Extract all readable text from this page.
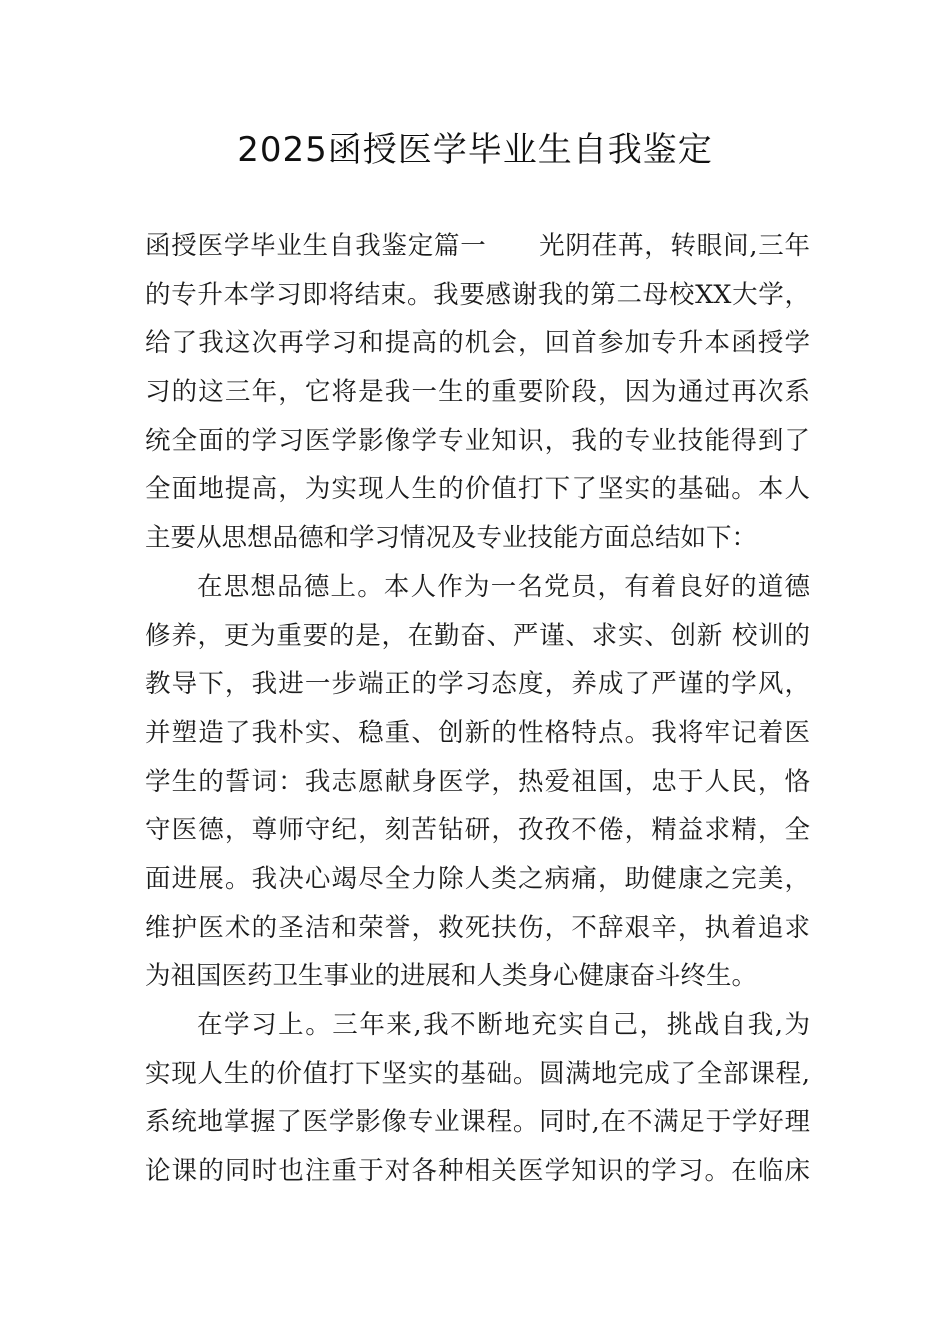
2025函授医学毕业生自我鉴定
函授医学毕业生自我鉴定篇一　　光阴荏苒，转眼间,三年
的专升本学习即将结束。我要感谢我的第二母校XX大学，
给了我这次再学习和提高的机会，回首参加专升本函授学
习的这三年，它将是我一生的重要阶段，因为通过再次系
统全面的学习医学影像学专业知识，我的专业技能得到了
全面地提高，为实现人生的价值打下了坚实的基础。本人
主要从思想品德和学习情况及专业技能方面总结如下：
在思想品德上。本人作为一名党员，有着良好的道德
修养，更为重要的是，在勤奋、严谨、求实、创新 校训的
教导下，我进一步端正的学习态度，养成了严谨的学风，
并塑造了我朴实、稳重、创新的性格特点。我将牢记着医
学生的誓词：我志愿献身医学，热爱祖国，忠于人民，恪
守医德，尊师守纪，刻苦钻研，孜孜不倦，精益求精，全
面进展。我决心竭尽全力除人类之病痛，助健康之完美，
维护医术的圣洁和荣誉，救死扶伤，不辞艰辛，执着追求
为祖国医药卫生事业的进展和人类身心健康奋斗终生。
在学习上。三年来,我不断地充实自己，挑战自我,为
实现人生的价值打下坚实的基础。圆满地完成了全部课程,
系统地掌握了医学影像专业课程。同时,在不满足于学好理
论课的同时也注重于对各种相关医学知识的学习。在临床
